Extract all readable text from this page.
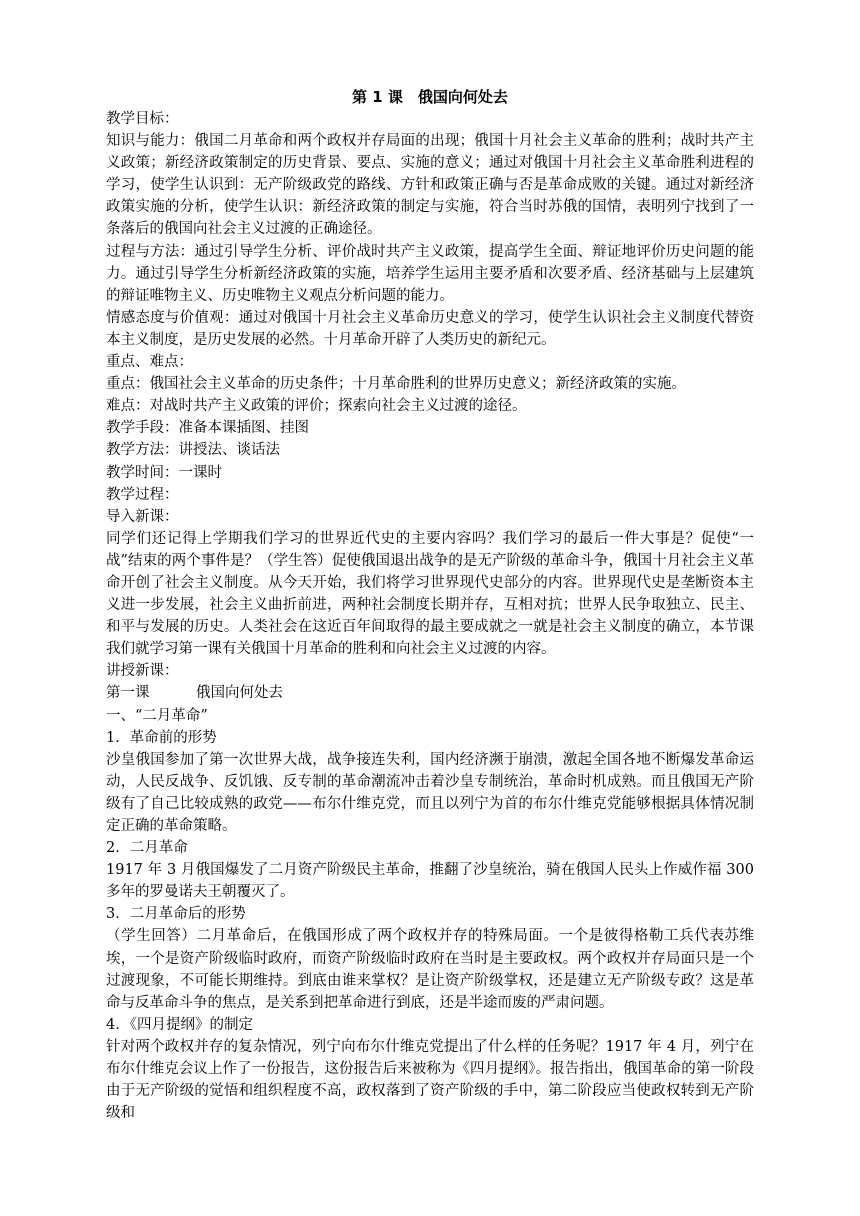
第 1 课　俄国向何处去

教学目标：

知识与能力：俄国二月革命和两个政权并存局面的出现；俄国十月社会主义革命的胜利；战时共产主义政策；新经济政策制定的历史背景、要点、实施的意义；通过对俄国十月社会主义革命胜利进程的学习，使学生认识到：无产阶级政党的路线、方针和政策正确与否是革命成败的关键。通过对新经济政策实施的分析，使学生认识：新经济政策的制定与实施，符合当时苏俄的国情，表明列宁找到了一条落后的俄国向社会主义过渡的正确途径。

过程与方法：通过引导学生分析、评价战时共产主义政策，提高学生全面、辩证地评价历史问题的能力。通过引导学生分析新经济政策的实施，培养学生运用主要矛盾和次要矛盾、经济基础与上层建筑的辩证唯物主义、历史唯物主义观点分析问题的能力。

情感态度与价值观：通过对俄国十月社会主义革命历史意义的学习，使学生认识社会主义制度代替资本主义制度，是历史发展的必然。十月革命开辟了人类历史的新纪元。

重点、难点：

重点：俄国社会主义革命的历史条件；十月革命胜利的世界历史意义；新经济政策的实施。

难点：对战时共产主义政策的评价；探索向社会主义过渡的途径。

教学手段：准备本课插图、挂图

教学方法：讲授法、谈话法

教学时间：一课时

教学过程：

导入新课：

同学们还记得上学期我们学习的世界近代史的主要内容吗？我们学习的最后一件大事是？促使“一战”结束的两个事件是？（学生答）促使俄国退出战争的是无产阶级的革命斗争，俄国十月社会主义革命开创了社会主义制度。从今天开始，我们将学习世界现代史部分的内容。世界现代史是垄断资本主义进一步发展，社会主义曲折前进，两种社会制度长期并存，互相对抗；世界人民争取独立、民主、和平与发展的历史。人类社会在这近百年间取得的最主要成就之一就是社会主义制度的确立，本节课我们就学习第一课有关俄国十月革命的胜利和向社会主义过渡的内容。

讲授新课：

第一课	俄国向何处去

一、“二月革命”

1．革命前的形势

沙皇俄国参加了第一次世界大战，战争接连失利，国内经济濒于崩溃，激起全国各地不断爆发革命运动，人民反战争、反饥饿、反专制的革命潮流冲击着沙皇专制统治，革命时机成熟。而且俄国无产阶级有了自己比较成熟的政党——布尔什维克党，而且以列宁为首的布尔什维克党能够根据具体情况制定正确的革命策略。

2．二月革命

1917 年 3 月俄国爆发了二月资产阶级民主革命，推翻了沙皇统治，骑在俄国人民头上作威作福 300 多年的罗曼诺夫王朝覆灭了。

3．二月革命后的形势

（学生回答）二月革命后，在俄国形成了两个政权并存的特殊局面。一个是彼得格勒工兵代表苏维埃，一个是资产阶级临时政府，而资产阶级临时政府在当时是主要政权。两个政权并存局面只是一个过渡现象，不可能长期维持。到底由谁来掌权？是让资产阶级掌权，还是建立无产阶级专政？这是革命与反革命斗争的焦点，是关系到把革命进行到底，还是半途而废的严肃问题。

4．《四月提纲》的制定

针对两个政权并存的复杂情况，列宁向布尔什维克党提出了什么样的任务呢？1917 年 4 月，列宁在布尔什维克会议上作了一份报告，这份报告后来被称为《四月提纲》。报告指出，俄国革命的第一阶段由于无产阶级的觉悟和组织程度不高，政权落到了资产阶级的手中，第二阶段应当使政权转到无产阶级和
